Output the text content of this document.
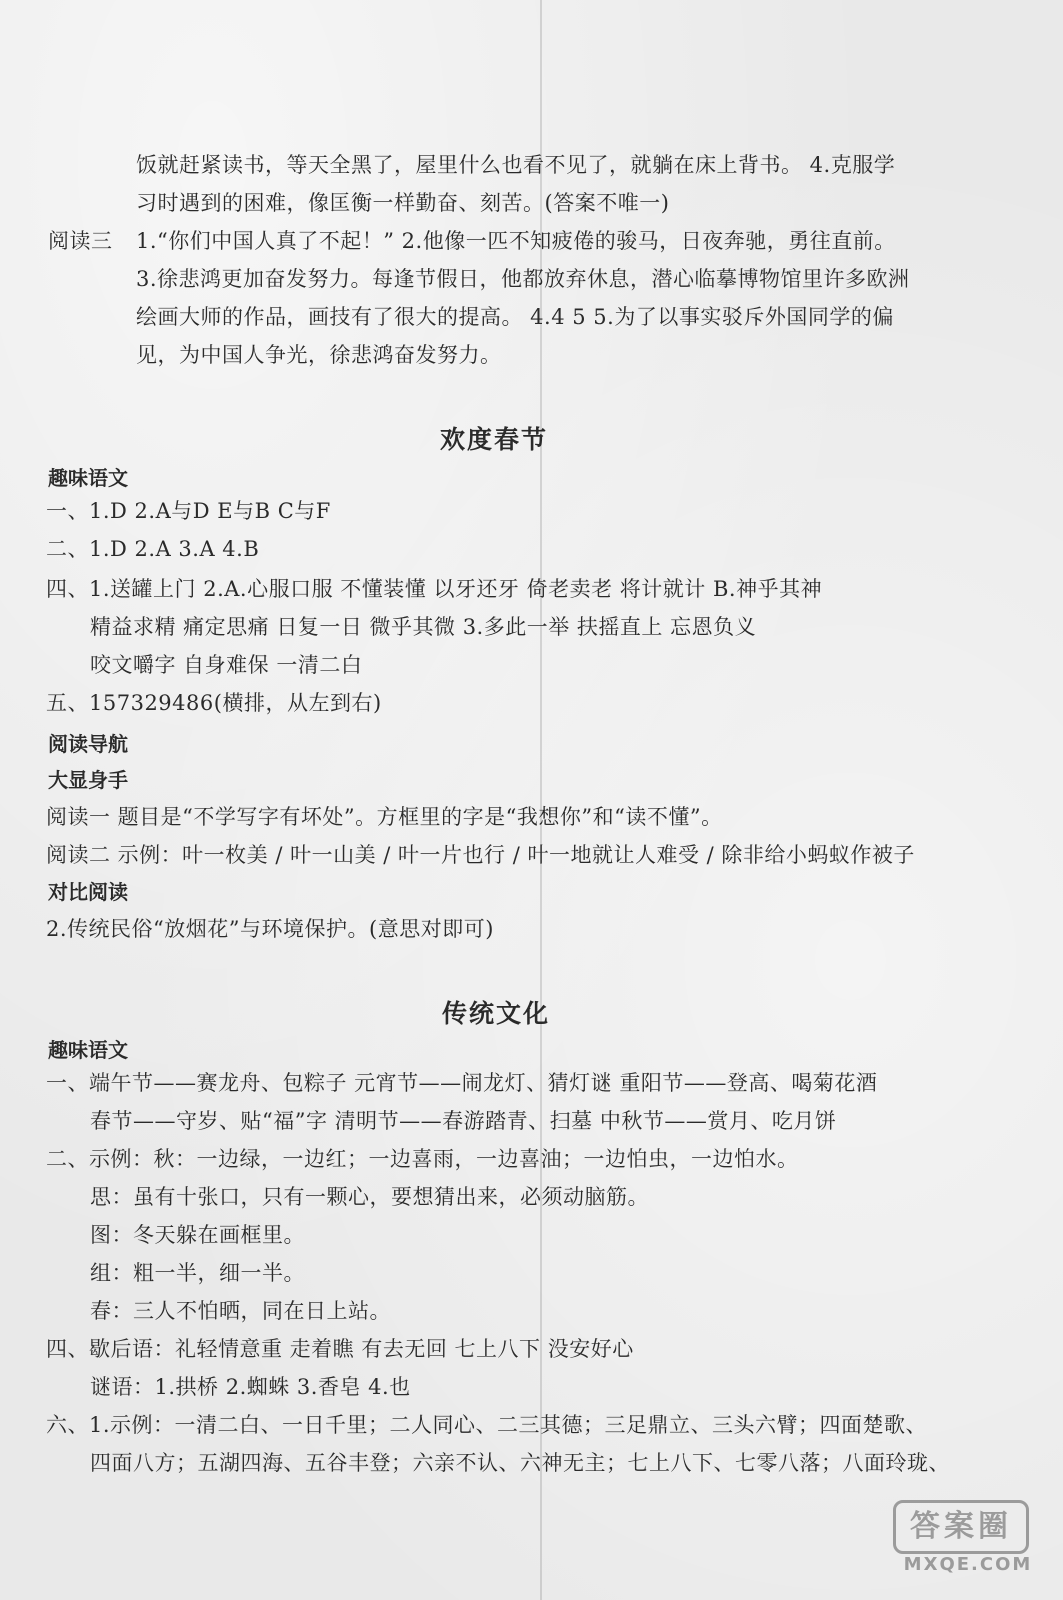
饭就赶紧读书，等天全黑了，屋里什么也看不见了，就躺在床上背书。 4.克服学
习时遇到的困难，像匡衡一样勤奋、刻苦。(答案不唯一)
阅读三 1.“你们中国人真了不起！” 2.他像一匹不知疲倦的骏马，日夜奔驰，勇往直前。
3.徐悲鸿更加奋发努力。每逢节假日，他都放弃休息，潜心临摹博物馆里许多欧洲
绘画大师的作品，画技有了很大的提高。 4.4 5 5.为了以事实驳斥外国同学的偏
见，为中国人争光，徐悲鸿奋发努力。
欢度春节
趣味语文
一、1.D 2.A与D E与B C与F
二、1.D 2.A 3.A 4.B
四、1.送罐上门 2.A.心服口服 不懂装懂 以牙还牙 倚老卖老 将计就计 B.神乎其神
精益求精 痛定思痛 日复一日 微乎其微 3.多此一举 扶摇直上 忘恩负义
咬文嚼字 自身难保 一清二白
五、157329486(横排，从左到右)
阅读导航
大显身手
阅读一 题目是“不学写字有坏处”。方框里的字是“我想你”和“读不懂”。
阅读二 示例：叶一枚美 / 叶一山美 / 叶一片也行 / 叶一地就让人难受 / 除非给小蚂蚁作被子
对比阅读
2.传统民俗“放烟花”与环境保护。(意思对即可)
传统文化
趣味语文
一、端午节——赛龙舟、包粽子 元宵节——闹龙灯、猜灯谜 重阳节——登高、喝菊花酒
春节——守岁、贴“福”字 清明节——春游踏青、扫墓 中秋节——赏月、吃月饼
二、示例：秋：一边绿，一边红；一边喜雨，一边喜油；一边怕虫，一边怕水。
思：虽有十张口，只有一颗心，要想猜出来，必须动脑筋。
图：冬天躲在画框里。
组：粗一半，细一半。
春：三人不怕晒，同在日上站。
四、歇后语：礼轻情意重 走着瞧 有去无回 七上八下 没安好心
谜语：1.拱桥 2.蜘蛛 3.香皂 4.也
六、1.示例：一清二白、一日千里；二人同心、二三其德；三足鼎立、三头六臂；四面楚歌、
四面八方；五湖四海、五谷丰登；六亲不认、六神无主；七上八下、七零八落；八面玲珑、
答案圈
MXQE.COM
